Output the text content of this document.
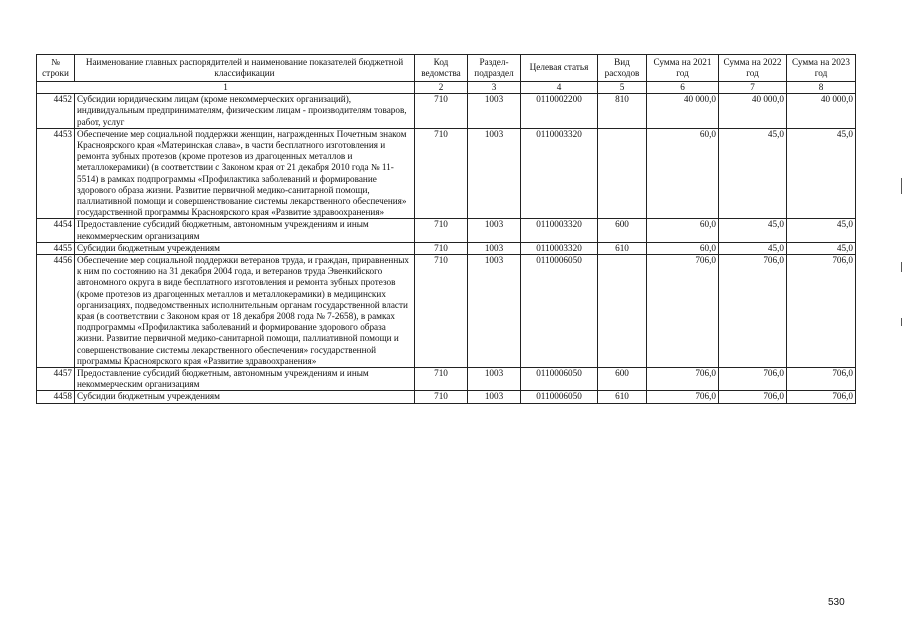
№ строки	Наименование главных распорядителей и наименование показателей бюджетной классификации	Код ведомства	Раздел-подраздел	Целевая статья	Вид расходов	Сумма на 2021 год	Сумма на 2022 год	Сумма на 2023 год
1		2	3	4	5	6	7	8
4452	Субсидии юридическим лицам (кроме некоммерческих организаций), индивидуальным предпринимателям, физическим лицам - производителям товаров, работ, услуг	710	1003	0110002200	810	40 000,0	40 000,0	40 000,0
4453	Обеспечение мер социальной поддержки женщин, награжденных Почетным знаком Красноярского края «Материнская слава», в части бесплатного изготовления и ремонта зубных протезов (кроме протезов из драгоценных металлов и металлокерамики) (в соответствии с Законом края от 21 декабря 2010 года № 11-5514) в рамках подпрограммы «Профилактика заболеваний и формирование здорового образа жизни. Развитие первичной медико-санитарной помощи, паллиативной помощи и совершенствование системы лекарственного обеспечения» государственной программы Красноярского края «Развитие здравоохранения»	710	1003	0110003320		60,0	45,0	45,0
4454	Предоставление субсидий бюджетным, автономным учреждениям и иным некоммерческим организациям	710	1003	0110003320	600	60,0	45,0	45,0
4455	Субсидии бюджетным учреждениям	710	1003	0110003320	610	60,0	45,0	45,0
4456	Обеспечение мер социальной поддержки ветеранов труда, и граждан, приравненных к ним по состоянию на 31 декабря 2004 года, и ветеранов труда Эвенкийского автономного округа в виде бесплатного изготовления и ремонта зубных протезов (кроме протезов из драгоценных металлов и металлокерамики) в медицинских организациях, подведомственных исполнительным органам государственной власти края (в соответствии с Законом края от 18 декабря 2008 года № 7-2658), в рамках подпрограммы «Профилактика заболеваний и формирование здорового образа жизни. Развитие первичной медико-санитарной помощи, паллиативной помощи и совершенствование системы лекарственного обеспечения» государственной программы Красноярского края «Развитие здравоохранения»	710	1003	0110006050		706,0	706,0	706,0
4457	Предоставление субсидий бюджетным, автономным учреждениям и иным некоммерческим организациям	710	1003	0110006050	600	706,0	706,0	706,0
4458	Субсидии бюджетным учреждениям	710	1003	0110006050	610	706,0	706,0	706,0
530
